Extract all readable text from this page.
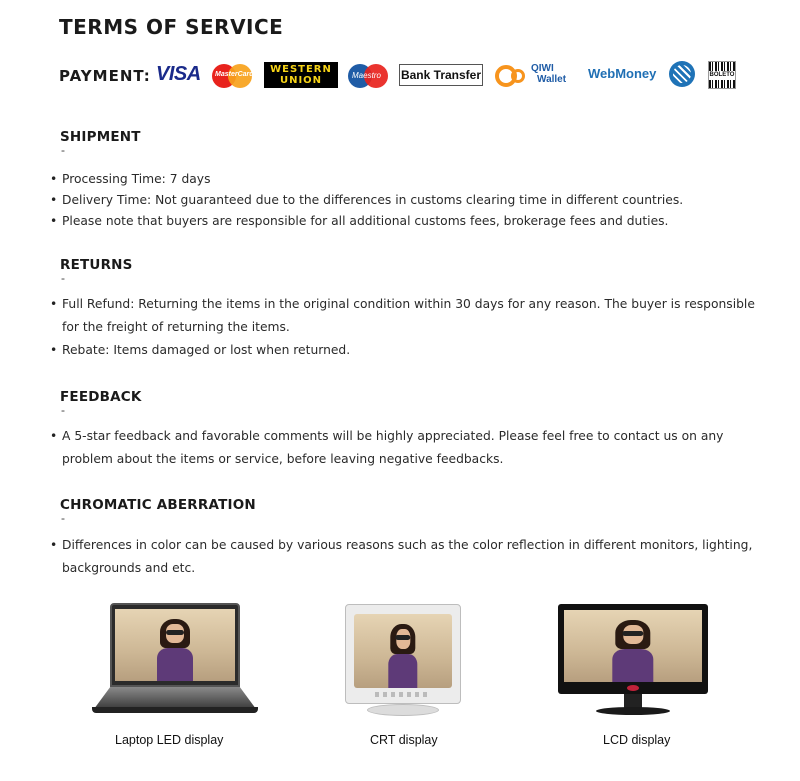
TERMS OF SERVICE
PAYMENT: VISA MasterCard WESTERN
UNION	Maestro Bank Transfer	QIWI
Wallet WebMoney	BOLETO
SHIPMENT
-
• Processing Time: 7 days
• Delivery Time: Not guaranteed due to the differences in customs clearing time in different countries.
• Please note that buyers are responsible for all additional customs fees, brokerage fees and duties.
RETURNS
-
• Full Refund: Returning the items in the original condition within 30 days for any reason. The buyer is responsible for the freight of returning the items.
• Rebate: Items damaged or lost when returned.
FEEDBACK
-
• A 5-star feedback and favorable comments will be highly appreciated. Please feel free to contact us on any problem about the items or service, before leaving negative feedbacks.
CHROMATIC ABERRATION
-
• Differences in color can be caused by various reasons such as the color reflection in different monitors, lighting, backgrounds and etc.
Laptop LED display	CRT display	LCD display
